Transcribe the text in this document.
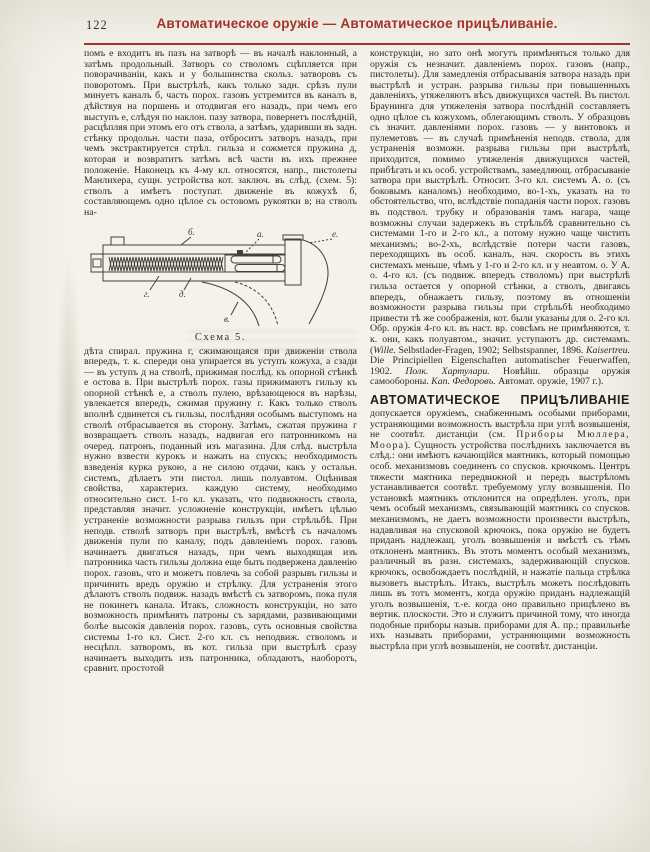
122	Автоматическое оружіе — Автоматическое прицѣливаніе.

помъ е входитъ въ пазъ на затворѣ — въ началѣ наклонный, а затѣмъ продольный. Затворъ со стволомъ сцѣпляется при поворачиваніи, какъ и у большинства скольз. затворовъ съ поворотомъ. При выстрѣлѣ, какъ только задн. срѣзъ пули минуетъ каналъ б, часть порох. газовъ устремится въ каналъ в, дѣйствуя на поршень и отодвигая его назадъ, при чемъ его выступъ е, слѣдуя по наклон. пазу затвора, повернетъ послѣдній, расцѣпляя при этомъ его отъ ствола, а затѣмъ, ударивши въ задн. стѣнку продольн. части паза, отброситъ затворъ назадъ, при чемъ экстрактируется стрѣл. гильза и сожмется пружина д, которая и возвратитъ затѣмъ всѣ части въ ихъ прежнее положеніе. Наконецъ къ 4-му кл. относятся, напр., пистолеты Манлихера, сущн. устройства кот. заключ. въ слѣд. (схем. 5): стволъ а имѣетъ поступат. движеніе въ кожухѣ б, составляющемъ одно цѣлое съ остовомъ рукоятки в; на стволъ на-

б.	а.	е.
г.	д.
в.
Схема 5.

дѣта спирал. пружина г, сжимающаяся при движеніи ствола впередъ, т. к. спереди она упирается въ уступъ кожуха, а сзади — въ уступъ д на стволѣ, прижимая послѣд. къ опорной стѣнкѣ е остова в. При выстрѣлѣ порох. газы прижимаютъ гильзу къ опорной стѣнкѣ е, а стволъ пулею, врѣзающеюся въ нарѣзы, увлекается впередъ, сжимая пружину г. Какъ только стволъ вполнѣ сдвинется съ гильзы, послѣдняя особымъ выступомъ на стволѣ отбрасывается въ сторону. Затѣмъ, сжатая пружина г возвращаетъ стволъ назадъ, надвигая его патронникомъ на очеред. патронъ, поданный изъ магазина. Для слѣд. выстрѣла нужно взвести курокъ и нажать на спускъ; необходимость взведенія курка рукою, а не силою отдачи, какъ у остальн. системъ, дѣлаетъ эти пистол. лишь полуавтом. Оцѣнивая свойства, характериз. каждую систему, необходимо относительно сист. 1-го кл. указать, что подвижность ствола, представляя значит. усложненіе конструкціи, имѣетъ цѣлью устраненіе возможности разрыва гильзъ при стрѣльбѣ. При неподв. стволѣ затворъ при выстрѣлѣ, вмѣстѣ съ началомъ движенія пули по каналу, подъ давленіемъ порох. газовъ начинаетъ двигаться назадъ, при чемъ выходящая изъ патронника часть гильзы должна еще быть подвержена давленію порох. газовъ, что и можетъ повлечь за собой разрывъ гильзы и причинить вредъ оружію и стрѣлку. Для устраненія этого дѣлаютъ стволъ подвиж. назадъ вмѣстѣ съ затворомъ, пока пуля не покинетъ канала. Итакъ, сложность конструкціи, но зато возможность примѣнять патроны съ зарядами, развивающими болѣе высокія давленія порох. газовъ, суть основныя свойства системы 1-го кл. Сист. 2-го кл. съ неподвиж. стволомъ и несцѣпл. затворомъ, въ кот. гильза при выстрѣлѣ сразу начинаетъ выходить изъ патронника, обладаютъ, наоборотъ, сравнит. простотой

конструкціи, но зато онѣ могутъ примѣняться только для оружія съ незначит. давленіемъ порох. газовъ (напр., пистолеты). Для замедленія отбрасыванія затвора назадъ при выстрѣлѣ и устран. разрыва гильзы при повышенныхъ давленіяхъ, утяжеляютъ вѣсъ движущихся частей. Въ пистол. Браунинга для утяжеленія затвора послѣдній составляетъ одно цѣлое съ кожухомъ, облегающимъ стволъ. У образцовъ съ значит. давленіями порох. газовъ — у винтовокъ и пулеметовъ — въ случаѣ примѣненія неподв. ствола, для устраненія возможн. разрыва гильзы при выстрѣлѣ, приходится, помимо утяжеленія движущихся частей, прибѣгать и къ особ. устройствамъ, замедляющ. отбрасываніе затвора при выстрѣлѣ. Относит. 3-го кл. системъ А. о. (съ боковымъ каналомъ) необходимо, во-1-хъ, указать на то обстоятельство, что, вслѣдствіе попаданія части порох. газовъ въ подствол. трубку и образованія тамъ нагара, чаще возможны случаи задержекъ въ стрѣльбѣ сравнительно съ системами 1-го и 2-го кл., а потому нужно чаще чистить механизмъ; во-2-хъ, вслѣдствіе потери части газовъ, переходящихъ въ особ. каналъ, нач. скорость въ этихъ системахъ меньше, чѣмъ у 1-го и 2-го кл. и у неавтом. о. У А. о. 4-го кл. (съ подвиж. впередъ стволомъ) при выстрѣлѣ гильза остается у опорной стѣнки, а стволъ, двигаясь впередъ, обнажаетъ гильзу, поэтому въ отношеніи возможности разрыва гильзы при стрѣльбѣ необходимо привести тѣ же соображенія, кот. были указаны для о. 2-го кл. Обр. оружія 4-го кл. въ наст. вр. совсѣмъ не примѣняются, т. к. они, какъ полуавтом., значит. уступаютъ др. системамъ. (Wille. Selbstlader-Fragen, 1902; Selbstspanner, 1896. Kaisertreu. Die Principiellen Eigenschaften automatischer Feuerwaffen, 1902. Полк. Хартулари. Новѣйш. образцы оружія самообороны. Кап. Федоровъ. Автомат. оружіе, 1907 г.).

АВТОМАТИЧЕСКОЕ ПРИЦѢЛИВАНІЕ

допускается оружіемъ, снабженнымъ особыми приборами, устраняющими возможность выстрѣла при углѣ возвышенія, не соотвѣт. дистанціи (см. Приборы Мюллера, Моора). Сущность устройства послѣднихъ заключается въ слѣд.: они имѣютъ качающійся маятникъ, который помощью особ. механизмовъ соединенъ со спусков. крючкомъ. Центръ тяжести маятника передвижной и передъ выстрѣломъ устанавливается соотвѣт. требуемому углу возвышенія. По установкѣ маятникъ отклонится на опредѣлен. уголъ, при чемъ особый механизмъ, связывающій маятникъ со спусков. механизмомъ, не даетъ возможности произвести выстрѣлъ, надавливая на спусковой крючокъ, пока оружію не будетъ приданъ надлежащ. уголъ возвышенія и вмѣстѣ съ тѣмъ отклоненъ маятникъ. Въ этотъ моментъ особый механизмъ, различный въ разн. системахъ, задерживающій спусков. крючокъ, освобождаетъ послѣдній, и нажатіе пальца стрѣлка вызоветъ выстрѣлъ. Итакъ, выстрѣлъ можетъ послѣдовать лишь въ тотъ моментъ, когда оружію приданъ надлежащій уголъ возвышенія, т.-е. когда оно правильно прицѣлено въ вертик. плоскости. Это и служитъ причиной тому, что иногда подобные приборы назыв. приборами для А. пр.; правильнѣе ихъ называть приборами, устраняющими возможность выстрѣла при углѣ возвышенія, не соотвѣт. дистанціи.
